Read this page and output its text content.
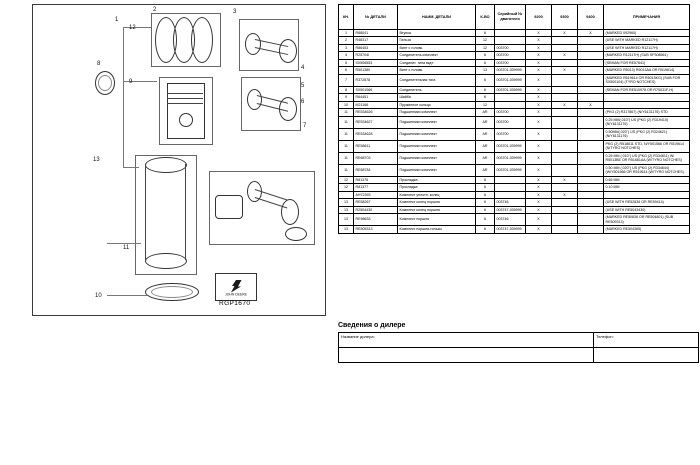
1
12
2	3
4
5
6
7
8
9
13
10
11
JOHN DEERE
RGP1670
КН.	№ ДЕТАЛИ	НАИМ. ДЕТАЛИ	К-ВО	Серийный № двигателя	9200	9300	9400	ПРИМЕЧАНИЯ
1	R88041	Втулка	6		X	X	X	(MARKED 092960)
2	R48317	Гильза	12		X			(USE WITH MARKED R12117H)
3	R86453	Винт с головк.	12	003700	X			(USE WITH MARKED R12117H)
4	R25704I	Соединитель комплект	6	003700	X	X		(MARKED R12117H) (SUB SP308561)
5	SX506553	Соединит. типа вкдт.	6	003700	X			(SEMAN FOR RE57641)
6	R501380	Винт с головк.	13	003701-039999	X	X		(MARKED R5013) R5013AA OR R519614)
7	R372878	Соединительная тяга	6	003701-039999	X			(MARKED R519614 OR R5015KG) (SUB FOR SX500104) (TYRO NOTCHES)
8	SX501066	Соединитель	6	003701-039999	X			(SEMAN FOR RE510978 OR R75031F-H)
9	R64451	Шайба	6		X			
10	M21166	Пружинное кольцо	12		X	X	X	
11	RE534626	Подшипники комплект	AR	003700	X			(PKG (2) R317867) (N/Y6131176) STD
11	RE534627	Подшипники комплект	AR	003700	X			0.25 MM(.010") US (PKG (2) R319410) (N/Y6131176)
11	RE534628	Подшипники комплект	AR	003700	X			0.50MM(.020") US (PKG (2) R324621) (N/Y6131176)
11	RE58611	Подшипники комплект	AR	003701-039999	X			PKG (2) R518611 STD, N/Y501566 OR R519614 (N/TYRO NOTCHES)
11	RE68703	Подшипники комплект	AR	003701-039999	X			0.25 MM (.010") US (PKG (2) R334611) W/ R5013BE OR R51661AA (W/TYRO NOTCHES)
11	RE68784	Подшипники комплект	AR	003701-039999	X			0.50 MM (.020") US (PKG (2) R334644) (W/Y501566 OR R519614 (W/TYRO NOTCHES)
12	R81376	Прокладка	6		X	X		0.65 MM
12	R81377	Прокладка	6		X			0.10 MM
	AH72393	Комплект уплотн. колец	6		X	X		
13	RE58267	Комплект колец поршня	6	003746	X			(USE WITH RE52836 OR RE59414)
13	R2504430	Комплект колец поршня	6	003747-039999	X			(USE WITH RE5043430)
13	RE98633	Комплект поршня	6	003746	X			(MARKED RE50836 OR RE504801) (SUB RE509313)
13	RE505313	Комплект поршня-гильзы	6	003747-039999	X			(MARKED RE504365)
Сведения о дилере
Название дилера:	Телефон:
